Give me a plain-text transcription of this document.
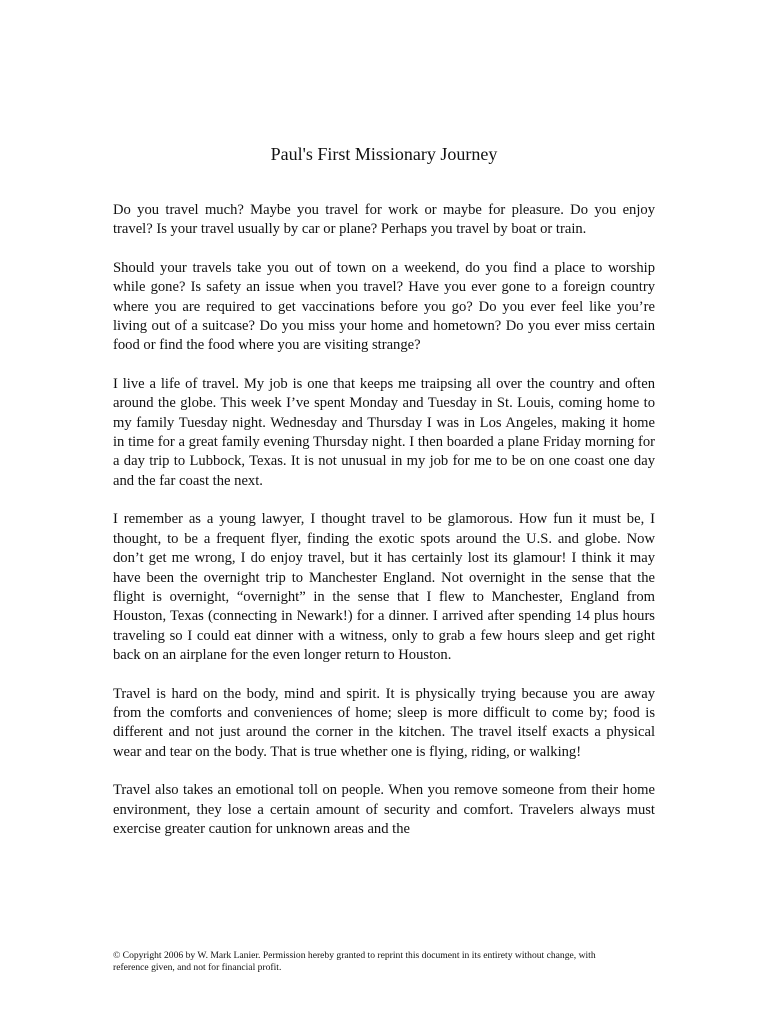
Paul's First Missionary Journey

Do you travel much? Maybe you travel for work or maybe for pleasure. Do you enjoy travel? Is your travel usually by car or plane? Perhaps you travel by boat or train.

Should your travels take you out of town on a weekend, do you find a place to worship while gone? Is safety an issue when you travel? Have you ever gone to a foreign country where you are required to get vaccinations before you go? Do you ever feel like you’re living out of a suitcase? Do you miss your home and hometown? Do you ever miss certain food or find the food where you are visiting strange?

I live a life of travel. My job is one that keeps me traipsing all over the country and often around the globe. This week I’ve spent Monday and Tuesday in St. Louis, coming home to my family Tuesday night. Wednesday and Thursday I was in Los Angeles, making it home in time for a great family evening Thursday night. I then boarded a plane Friday morning for a day trip to Lubbock, Texas. It is not unusual in my job for me to be on one coast one day and the far coast the next.

I remember as a young lawyer, I thought travel to be glamorous. How fun it must be, I thought, to be a frequent flyer, finding the exotic spots around the U.S. and globe. Now don’t get me wrong, I do enjoy travel, but it has certainly lost its glamour! I think it may have been the overnight trip to Manchester England. Not overnight in the sense that the flight is overnight, “overnight” in the sense that I flew to Manchester, England from Houston, Texas (connecting in Newark!) for a dinner. I arrived after spending 14 plus hours traveling so I could eat dinner with a witness, only to grab a few hours sleep and get right back on an airplane for the even longer return to Houston.

Travel is hard on the body, mind and spirit. It is physically trying because you are away from the comforts and conveniences of home; sleep is more difficult to come by; food is different and not just around the corner in the kitchen. The travel itself exacts a physical wear and tear on the body. That is true whether one is flying, riding, or walking!

Travel also takes an emotional toll on people. When you remove someone from their home environment, they lose a certain amount of security and comfort. Travelers always must exercise greater caution for unknown areas and the

© Copyright 2006 by W. Mark Lanier. Permission hereby granted to reprint this document in its entirety without change, with reference given, and not for financial profit.
